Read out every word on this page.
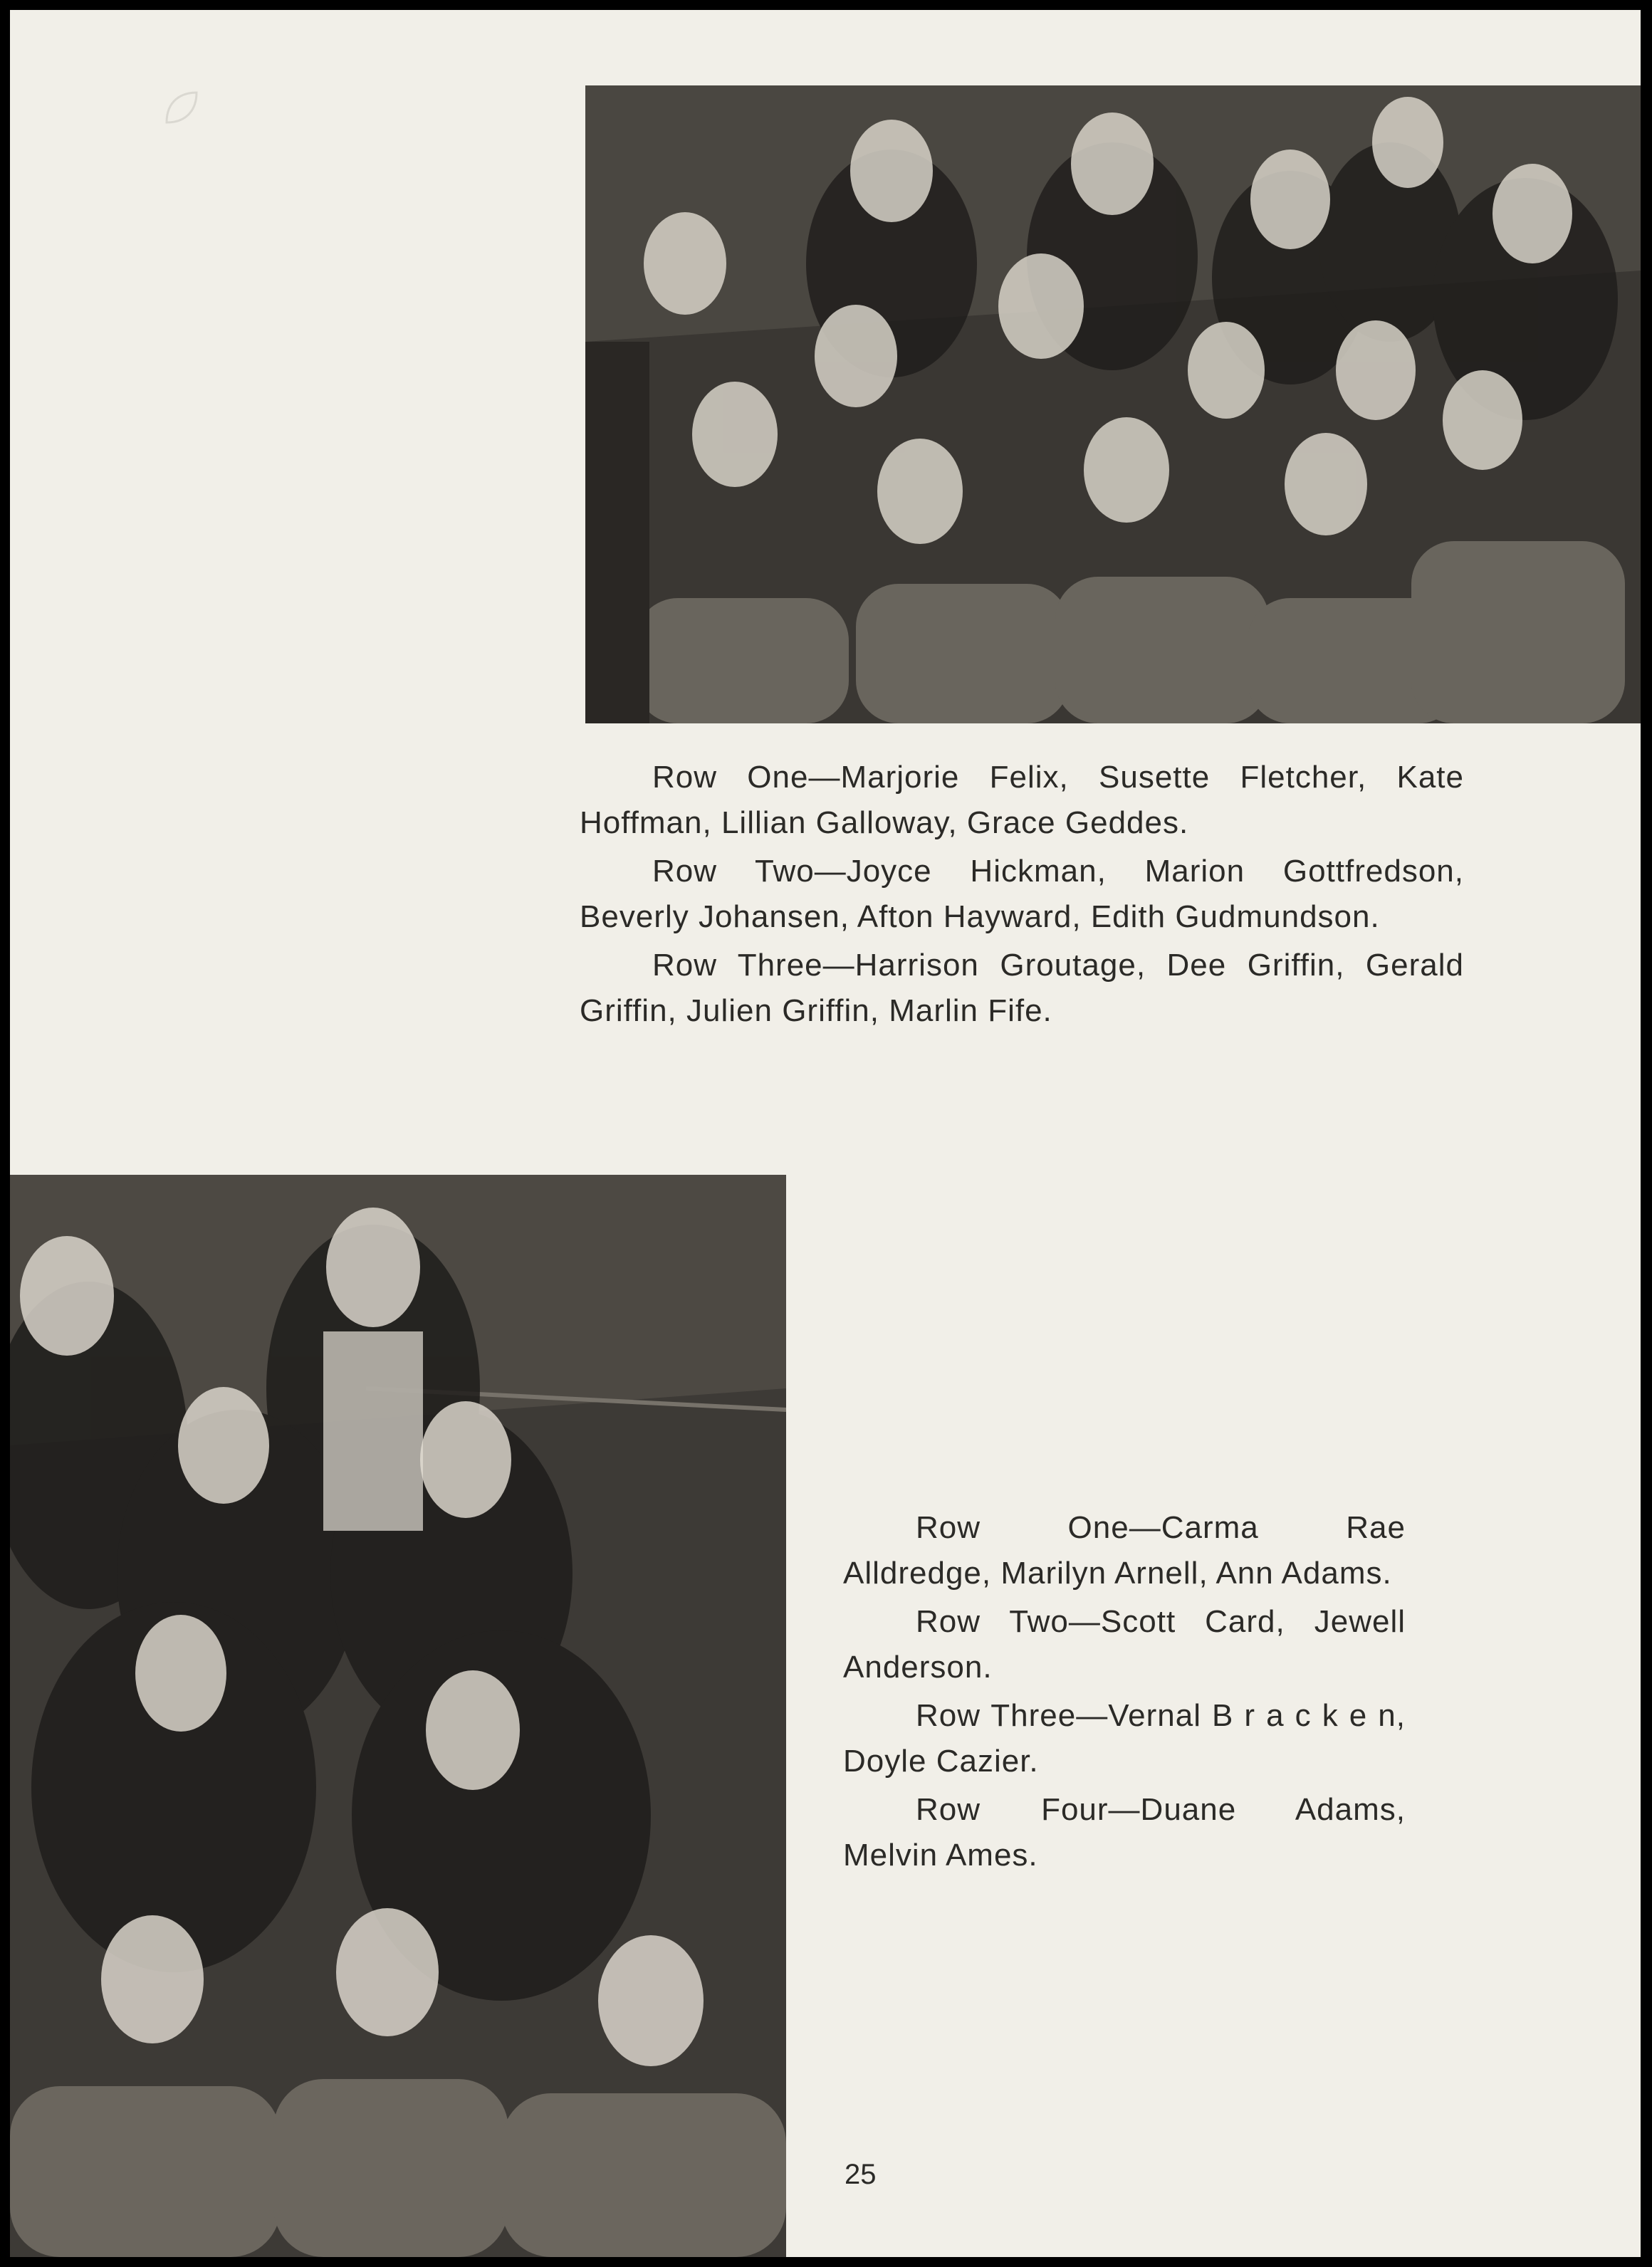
Row One—Marjorie Felix, Susette Fletcher, Kate Hoffman, Lillian Galloway, Grace Geddes.

Row Two—Joyce Hickman, Marion Gottfredson, Beverly Johansen, Afton Hayward, Edith Gudmundson.

Row Three—Harrison Groutage, Dee Griffin, Gerald Griffin, Julien Griffin, Marlin Fife.

Row One—Carma Rae Alldredge, Marilyn Arnell, Ann Adams.

Row Two—Scott Card, Jewell Anderson.

Row Three—Vernal B r a c k e n, Doyle Cazier.

Row Four—Duane Adams, Melvin Ames.

25
